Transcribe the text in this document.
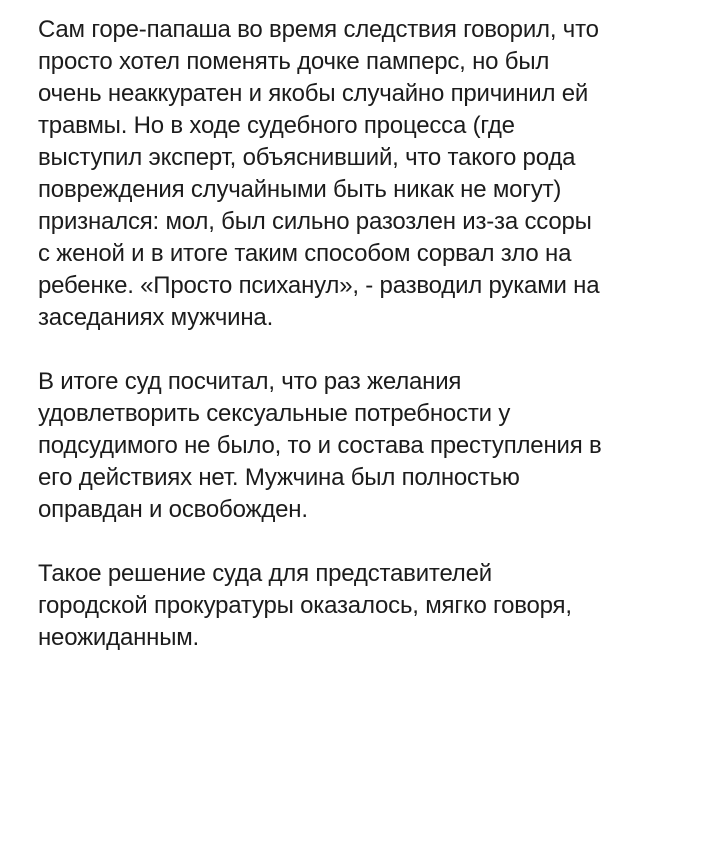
Сам горе-папаша во время следствия говорил, что
просто хотел поменять дочке памперс, но был
очень неаккуратен и якобы случайно причинил ей
травмы. Но в ходе судебного процесса (где
выступил эксперт, объяснивший, что такого рода
повреждения случайными быть никак не могут)
признался: мол, был сильно разозлен из-за ссоры
с женой и в итоге таким способом сорвал зло на
ребенке. «Просто психанул», - разводил руками на
заседаниях мужчина.
В итоге суд посчитал, что раз желания
удовлетворить сексуальные потребности у
подсудимого не было, то и состава преступления в
его действиях нет. Мужчина был полностью
оправдан и освобожден.
Такое решение суда для представителей
городской прокуратуры оказалось, мягко говоря,
неожиданным.
